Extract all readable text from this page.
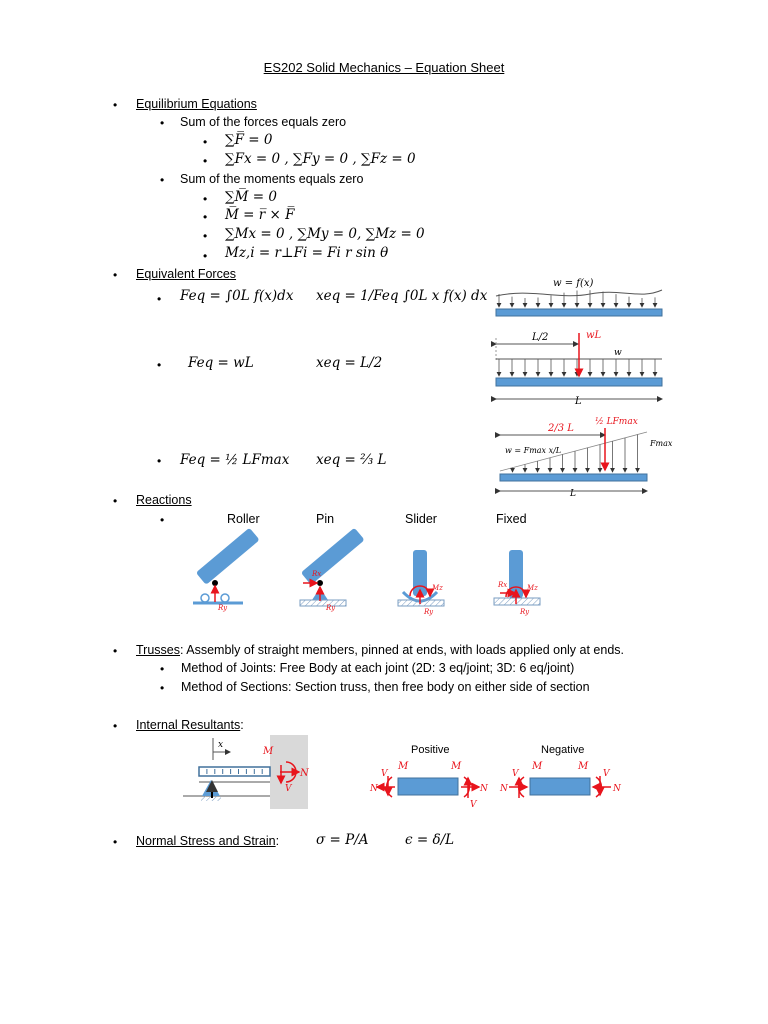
ES202 Solid Mechanics – Equation Sheet
• Equilibrium Equations
• Sum of the forces equals zero
• ∑F̅ = 0
• ∑Fx = 0 , ∑Fy = 0 , ∑Fz = 0
• Sum of the moments equals zero
• ∑M̅ = 0
• M̅ = r̅ × F̅
• ∑Mx = 0 , ∑My = 0, ∑Mz = 0
• Mz,i = r⊥Fi = Fi r sin θ
• Equivalent Forces
• Feq = ∫0L f(x)dx xeq = 1/Feq ∫0L x f(x) dx
• Feq = wL	xeq = L/2
• Feq = ½ LFmax xeq = ⅔ L
• Reactions
•	Roller	Pin	Slider	Fixed
• Trusses: Assembly of straight members, pinned at ends, with loads applied only at ends.
• Method of Joints: Free Body at each joint (2D: 3 eq/joint; 3D: 6 eq/joint)
• Method of Sections: Section truss, then free body on either side of section
• Internal Resultants:
• Normal Stress and Strain:	σ = P/A	ϵ = δ/L
w = f(x)
L/2	wL
w
L
2/3 L
½ LFmax
Fmax
w = Fmax x/L
L
Ry
Rx
Ry
Mz
Ry
Rx	Mz
Ry
x
M
N
V
Positive
N	N
V
V
M	M
Negative
N	N
V	V
M	M
